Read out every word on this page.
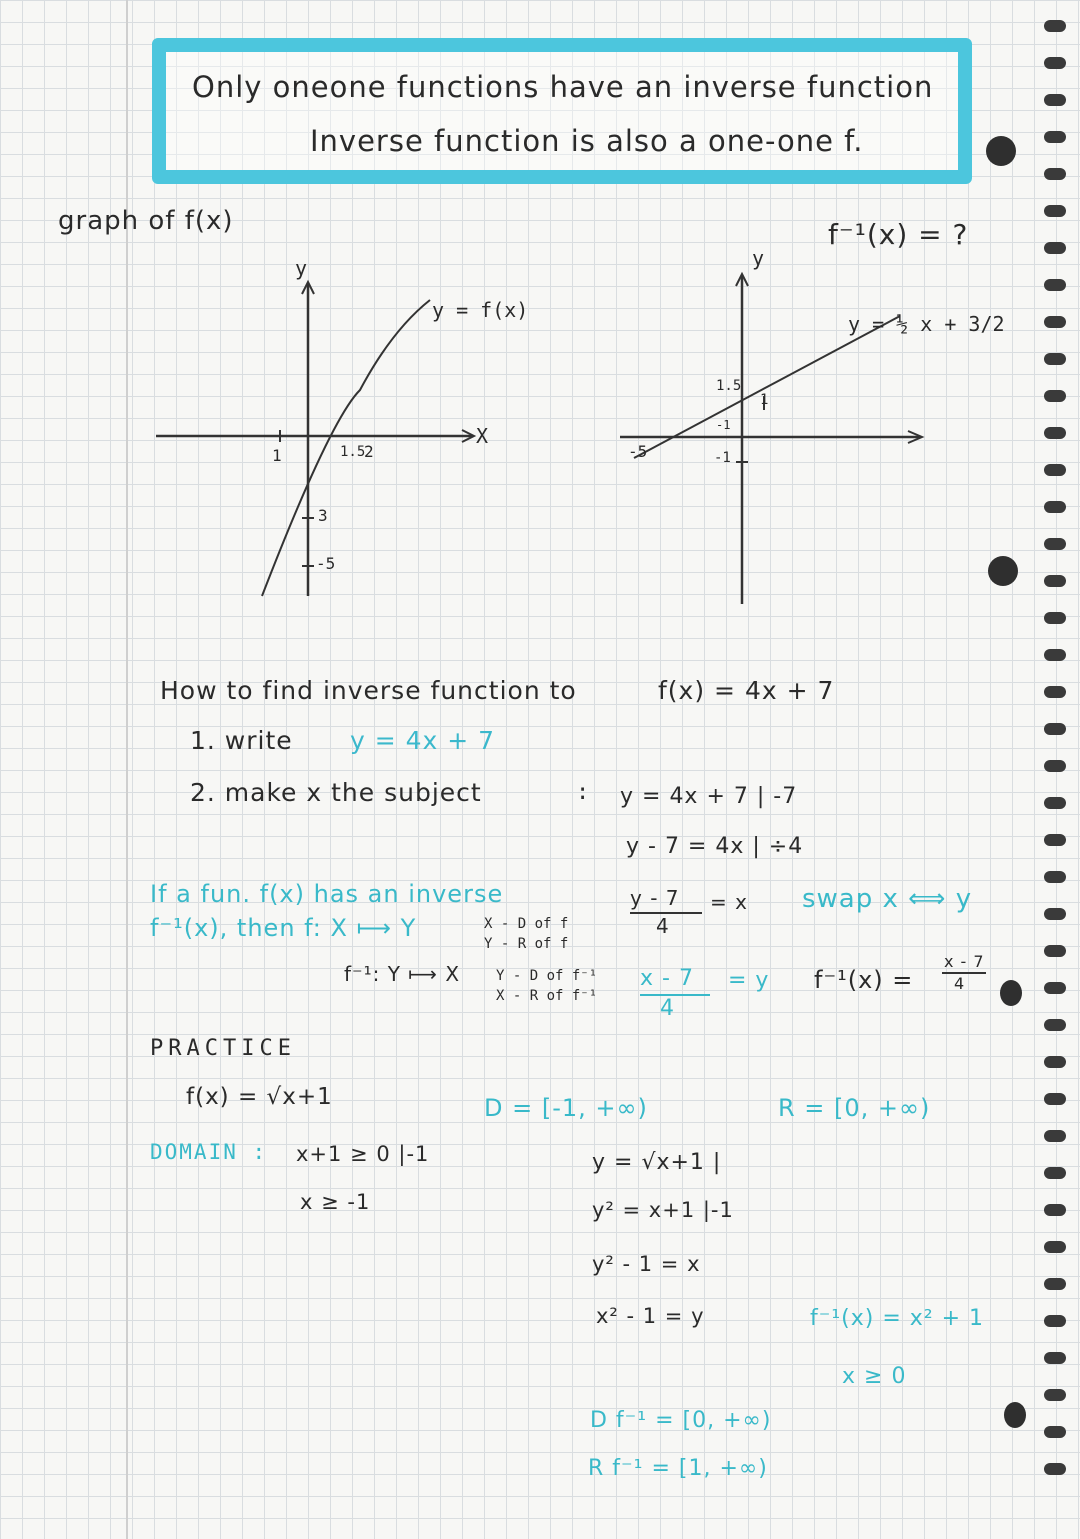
Only oneone functions have an inverse function
Inverse function is also a one-one f.
graph of f(x)	f⁻¹(x) = ?
y
X
y = f(x)
1	1.5
2
3
-5
y
y = ½ x + 3/2
1.5
-5
1
-1
-1
How to find inverse function to	f(x) = 4x + 7
1. write y = 4x + 7
2. make x the subject	: y = 4x + 7 | -7
y - 7 = 4x | ÷4
y - 7
4
= x swap x ⟺ y
x - 7
4
= y f⁻¹(x) =
x - 7
4
If a fun. f(x) has an inverse
f⁻¹(x), then f: X ⟼ Y	X - D of f
Y - R of f
f⁻¹: Y ⟼ X	Y - D of f⁻¹
X - R of f⁻¹
PRACTICE
f(x) = √x+1
DOMAIN : x+1 ≥ 0 |-1
x ≥ -1
D = [-1, +∞)	R = [0, +∞)
y = √x+1 |
y² = x+1 |-1
y² - 1 = x
x² - 1 = y	f⁻¹(x) = x² + 1
x ≥ 0
D f⁻¹ = [0, +∞)
R f⁻¹ = [1, +∞)
